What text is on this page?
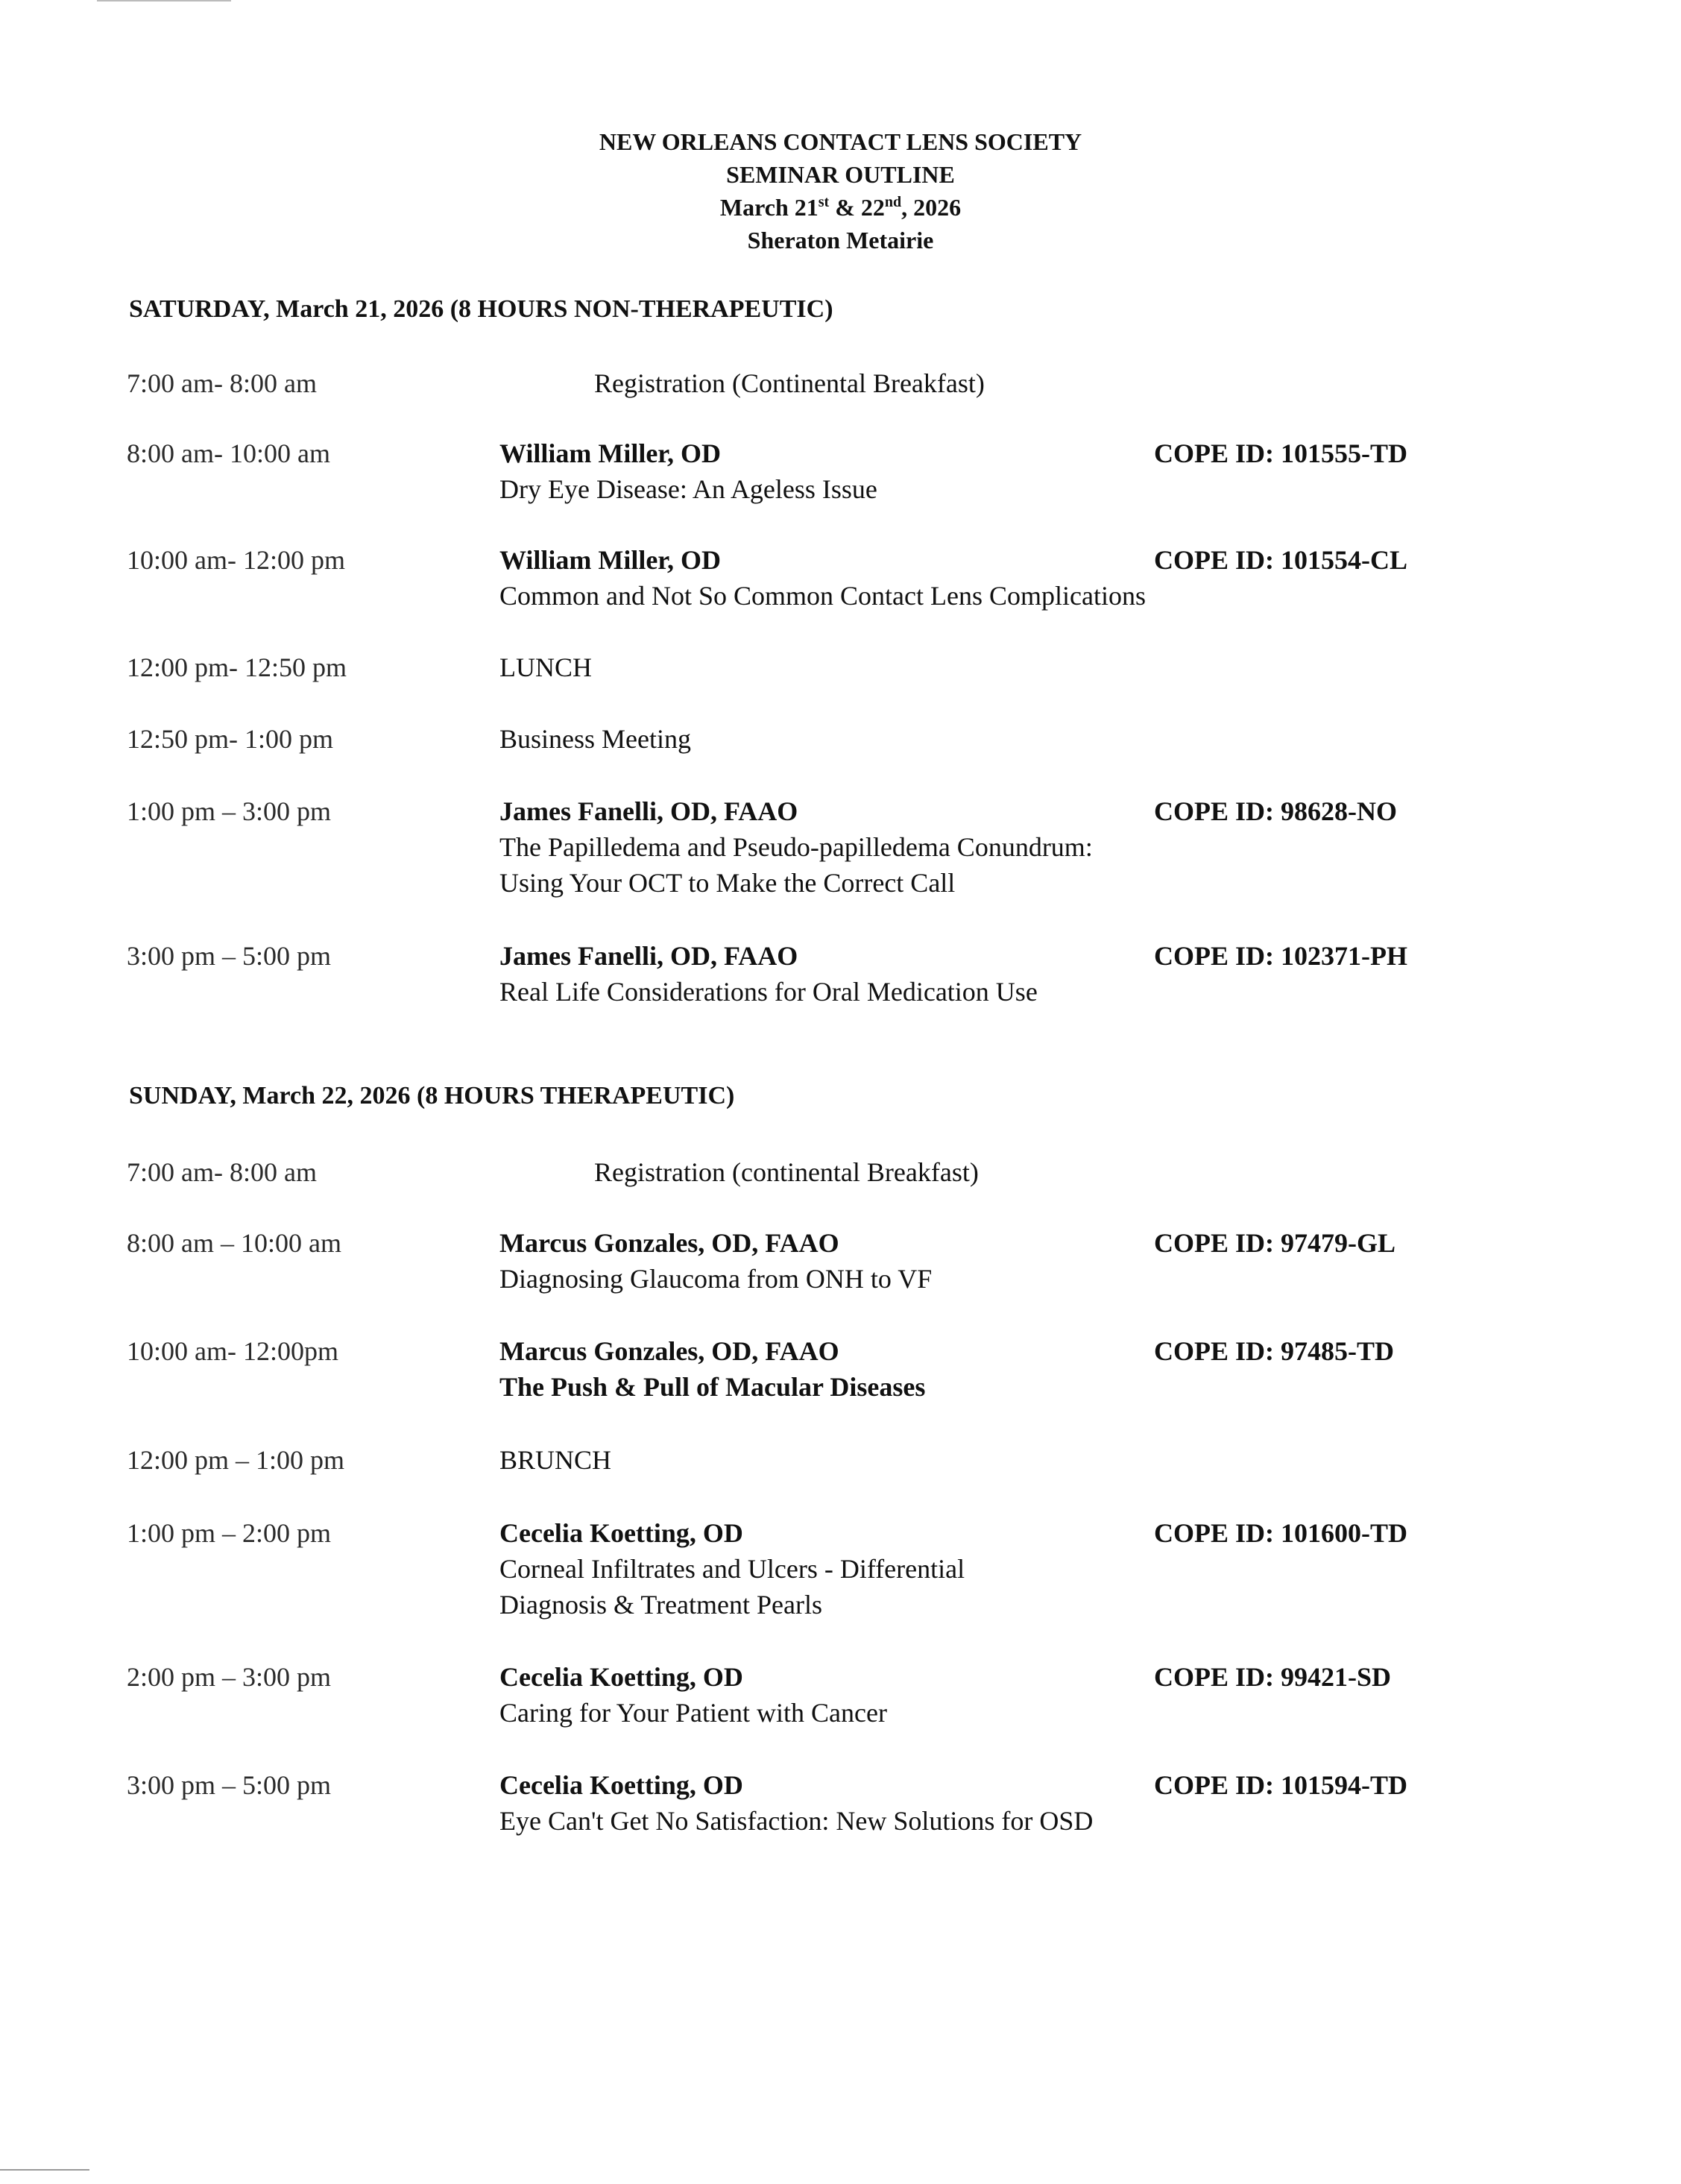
NEW ORLEANS CONTACT LENS SOCIETY
SEMINAR OUTLINE
March 21st & 22nd, 2026
Sheraton Metairie
SATURDAY, March 21, 2026 (8 HOURS NON-THERAPEUTIC)
7:00 am- 8:00 am	Registration (Continental Breakfast)
8:00 am- 10:00 am	William Miller, OD
Dry Eye Disease: An Ageless Issue
COPE ID: 101555-TD
10:00 am- 12:00 pm	William Miller, OD
Common and Not So Common Contact Lens Complications
COPE ID: 101554-CL
12:00 pm- 12:50 pm	LUNCH
12:50 pm- 1:00 pm	Business Meeting
1:00 pm – 3:00 pm	James Fanelli, OD, FAAO
The Papilledema and Pseudo-papilledema Conundrum:
Using Your OCT to Make the Correct Call
COPE ID: 98628-NO
3:00 pm – 5:00 pm	James Fanelli, OD, FAAO
Real Life Considerations for Oral Medication Use
COPE ID: 102371-PH
SUNDAY, March 22, 2026 (8 HOURS THERAPEUTIC)
7:00 am- 8:00 am	Registration (continental Breakfast)
8:00 am – 10:00 am	Marcus Gonzales, OD, FAAO
Diagnosing Glaucoma from ONH to VF
COPE ID: 97479-GL
10:00 am- 12:00pm	Marcus Gonzales, OD, FAAO
The Push & Pull of Macular Diseases
COPE ID: 97485-TD
12:00 pm – 1:00 pm	BRUNCH
1:00 pm – 2:00 pm	Cecelia Koetting, OD
Corneal Infiltrates and Ulcers - Differential
Diagnosis & Treatment Pearls
COPE ID: 101600-TD
2:00 pm – 3:00 pm	Cecelia Koetting, OD
Caring for Your Patient with Cancer
COPE ID: 99421-SD
3:00 pm – 5:00 pm	Cecelia Koetting, OD
Eye Can't Get No Satisfaction: New Solutions for OSD
COPE ID: 101594-TD
